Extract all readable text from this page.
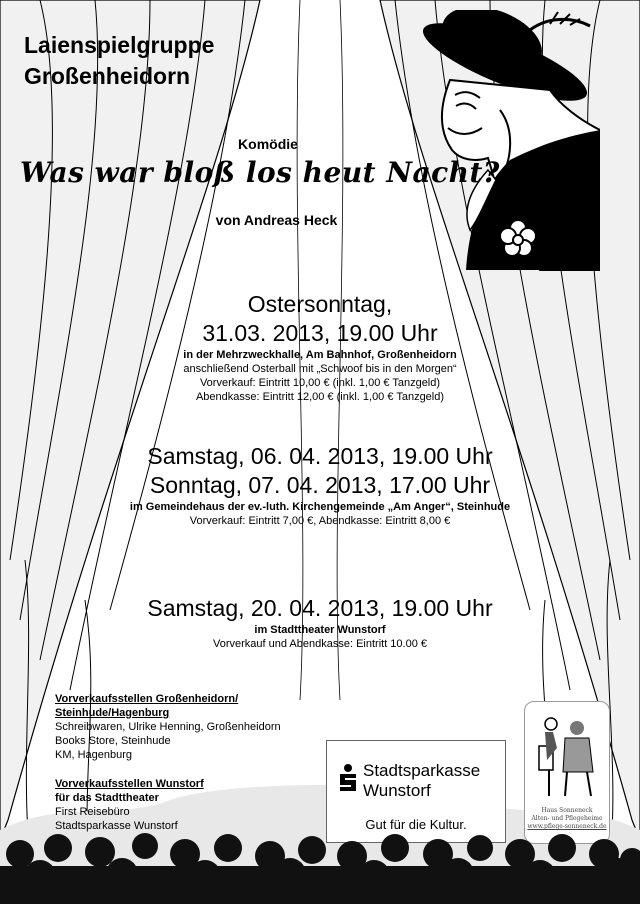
Laienspielgruppe
Großenheidorn
Komödie
Was war bloß los heut Nacht?
von Andreas Heck
Ostersonntag,
31.03. 2013, 19.00 Uhr
in der Mehrzweckhalle, Am Bahnhof, Großenheidorn
anschließend Osterball mit „Schwoof bis in den Morgen“
Vorverkauf: Eintritt 10,00 € (inkl. 1,00 € Tanzgeld)
Abendkasse: Eintritt 12,00 € (inkl. 1,00 € Tanzgeld)
Samstag, 06. 04. 2013, 19.00 Uhr
Sonntag, 07. 04. 2013, 17.00 Uhr
im Gemeindehaus der ev.-luth. Kirchengemeinde „Am Anger“, Steinhude
Vorverkauf: Eintritt 7,00 €, Abendkasse: Eintritt 8,00 €
Samstag, 20. 04. 2013, 19.00 Uhr
im Stadttheater Wunstorf
Vorverkauf und Abendkasse: Eintritt 10.00 €
Vorverkaufsstellen Großenheidorn/
Steinhude/Hagenburg
Schreibwaren, Ulrike Henning, Großenheidorn
Books Store, Steinhude
KM, Hagenburg
Vorverkaufsstellen Wunstorf
für das Stadttheater
First Reisebüro
Stadtsparkasse Wunstorf
Stadtsparkasse
Wunstorf
Gut für die Kultur.
Haus Sonneneck
Alten- und Pflegeheime
www.pflege-sonneneck.de
